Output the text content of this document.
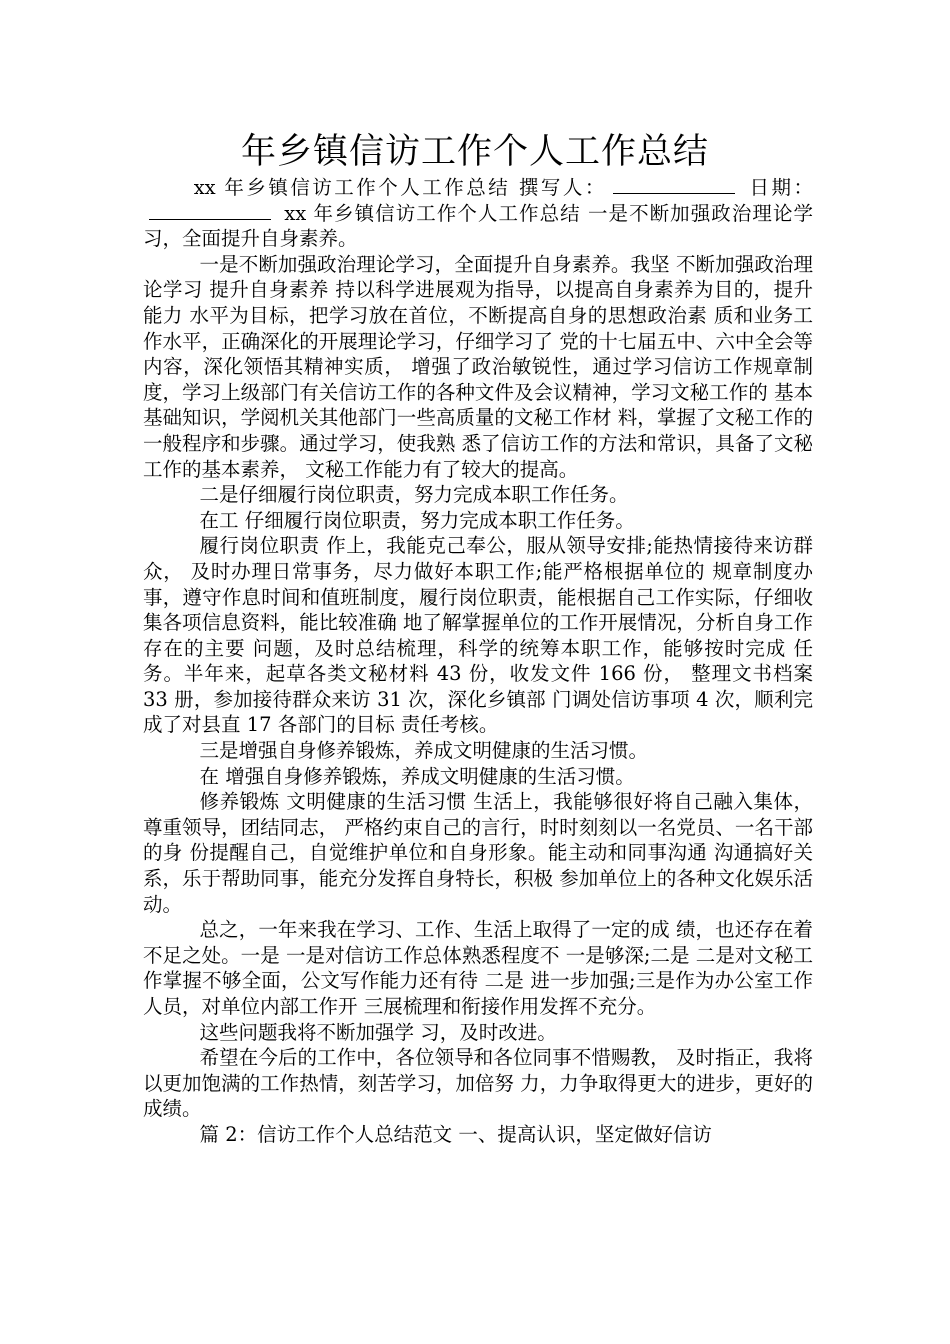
年乡镇信访工作个人工作总结

xx 年乡镇信访工作个人工作总结 撰写人：	日期： xx 年乡镇信访工作个人工作总结 一是不断加强政治理论学习，全面提升自身素养。

一是不断加强政治理论学习，全面提升自身素养。我坚 不断加强政治理论学习 提升自身素养 持以科学进展观为指导，以提高自身素养为目的，提升能力 水平为目标，把学习放在首位，不断提高自身的思想政治素 质和业务工作水平，正确深化的开展理论学习，仔细学习了 党的十七届五中、六中全会等内容，深化领悟其精神实质， 增强了政治敏锐性，通过学习信访工作规章制度，学习上级部门有关信访工作的各种文件及会议精神，学习文秘工作的 基本基础知识，学阅机关其他部门一些高质量的文秘工作材 料，掌握了文秘工作的一般程序和步骤。通过学习，使我熟 悉了信访工作的方法和常识，具备了文秘工作的基本素养， 文秘工作能力有了较大的提高。

二是仔细履行岗位职责，努力完成本职工作任务。

在工 仔细履行岗位职责，努力完成本职工作任务。

履行岗位职责 作上，我能克己奉公，服从领导安排;能热情接待来访群众， 及时办理日常事务，尽力做好本职工作;能严格根据单位的 规章制度办事，遵守作息时间和值班制度，履行岗位职责，能根据自己工作实际，仔细收集各项信息资料，能比较准确 地了解掌握单位的工作开展情况，分析自身工作存在的主要 问题，及时总结梳理，科学的统筹本职工作，能够按时完成 任务。半年来，起草各类文秘材料 43 份，收发文件 166 份， 整理文书档案 33 册，参加接待群众来访 31 次，深化乡镇部 门调处信访事项 4 次，顺利完成了对县直 17 各部门的目标 责任考核。

三是增强自身修养锻炼，养成文明健康的生活习惯。

在 增强自身修养锻炼，养成文明健康的生活习惯。

修养锻炼 文明健康的生活习惯 生活上，我能够很好将自己融入集体，尊重领导，团结同志， 严格约束自己的言行，时时刻刻以一名党员、一名干部的身 份提醒自己，自觉维护单位和自身形象。能主动和同事沟通 沟通搞好关系，乐于帮助同事，能充分发挥自身特长，积极 参加单位上的各种文化娱乐活动。

总之，一年来我在学习、工作、生活上取得了一定的成 绩，也还存在着不足之处。一是 一是对信访工作总体熟悉程度不 一是够深;二是 二是对文秘工作掌握不够全面，公文写作能力还有待 二是 进一步加强;三是作为办公室工作人员，对单位内部工作开 三展梳理和衔接作用发挥不充分。

这些问题我将不断加强学 习，及时改进。

希望在今后的工作中，各位领导和各位同事不惜赐教， 及时指正，我将以更加饱满的工作热情，刻苦学习，加倍努 力，力争取得更大的进步，更好的成绩。

篇 2：信访工作个人总结范文 一、提高认识，坚定做好信访
